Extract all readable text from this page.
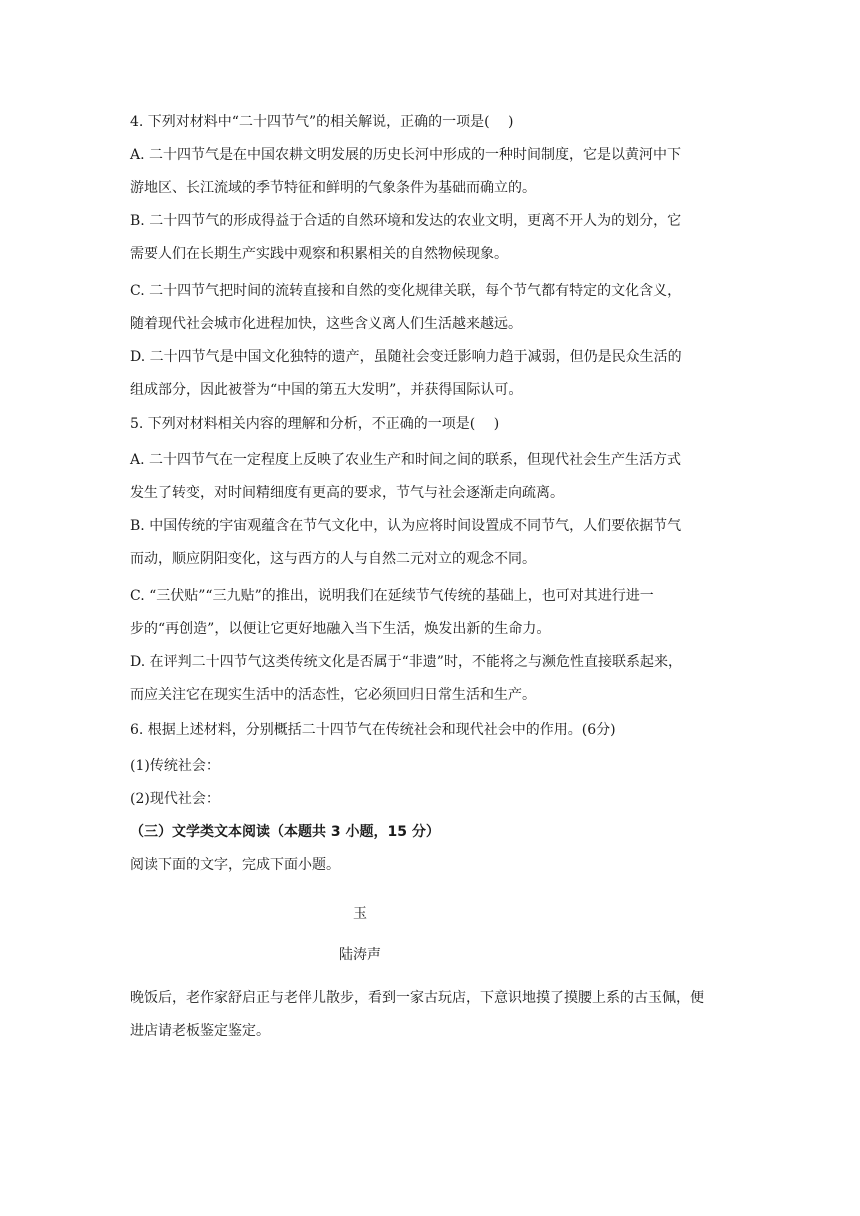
4. 下列对材料中“二十四节气”的相关解说，正确的一项是(　 )
A. 二十四节气是在中国农耕文明发展的历史长河中形成的一种时间制度，它是以黄河中下
游地区、长江流域的季节特征和鲜明的气象条件为基础而确立的。
B. 二十四节气的形成得益于合适的自然环境和发达的农业文明，更离不开人为的划分，它
需要人们在长期生产实践中观察和积累相关的自然物候现象。
C. 二十四节气把时间的流转直接和自然的变化规律关联，每个节气都有特定的文化含义，
随着现代社会城市化进程加快，这些含义离人们生活越来越远。
D. 二十四节气是中国文化独特的遗产，虽随社会变迁影响力趋于减弱，但仍是民众生活的
组成部分，因此被誉为“中国的第五大发明”，并获得国际认可。
5. 下列对材料相关内容的理解和分析，不正确的一项是(　 )
A. 二十四节气在一定程度上反映了农业生产和时间之间的联系，但现代社会生产生活方式
发生了转变，对时间精细度有更高的要求，节气与社会逐渐走向疏离。
B. 中国传统的宇宙观蕴含在节气文化中，认为应将时间设置成不同节气，人们要依据节气
而动，顺应阴阳变化，这与西方的人与自然二元对立的观念不同。
C. “三伏贴”“三九贴”的推出，说明我们在延续节气传统的基础上，也可对其进行进一
步的“再创造”，以便让它更好地融入当下生活，焕发出新的生命力。
D. 在评判二十四节气这类传统文化是否属于“非遗”时，不能将之与濒危性直接联系起来，
而应关注它在现实生活中的活态性，它必须回归日常生活和生产。
6. 根据上述材料，分别概括二十四节气在传统社会和现代社会中的作用。(6分)
(1)传统社会：
(2)现代社会：
（三）文学类文本阅读（本题共 3 小题，15 分）
阅读下面的文字，完成下面小题。
玉
陆涛声
晚饭后，老作家舒启正与老伴儿散步，看到一家古玩店，下意识地摸了摸腰上系的古玉佩，便
进店请老板鉴定鉴定。
